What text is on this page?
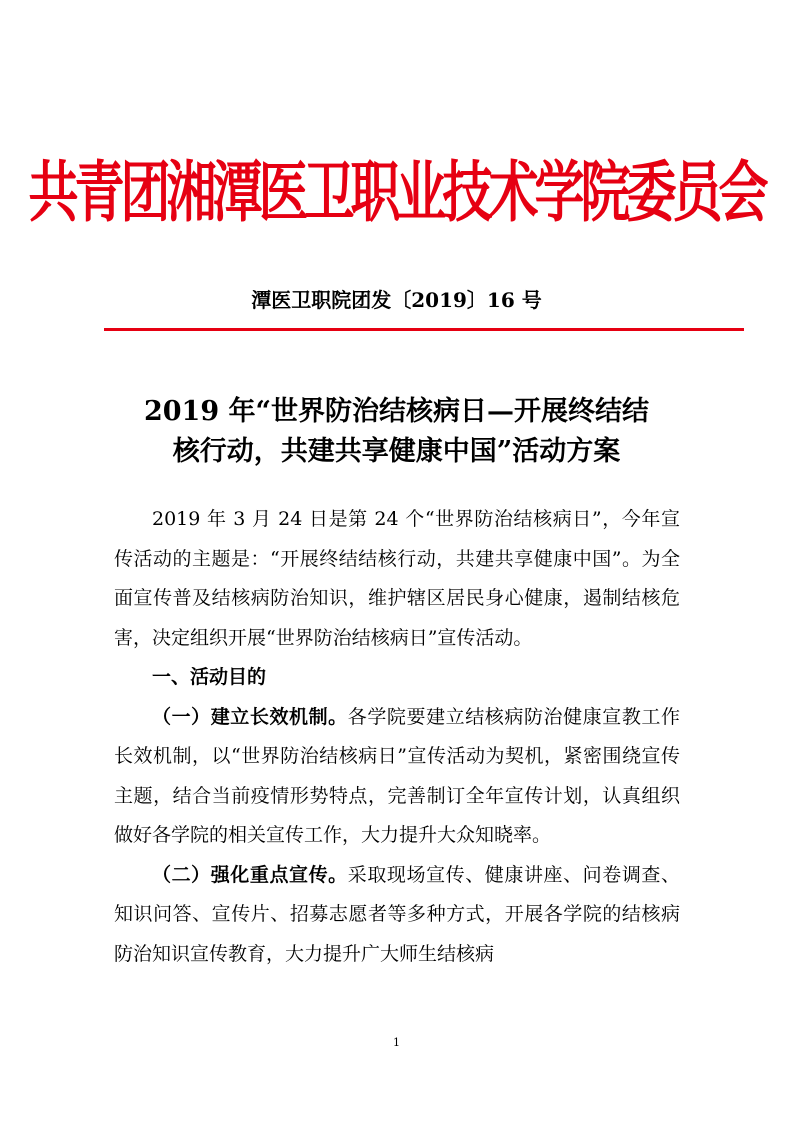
共青团湘潭医卫职业技术学院委员会
潭医卫职院团发〔2019〕16 号
2019 年“世界防治结核病日—开展终结结
核行动，共建共享健康中国”活动方案

2019 年 3 月 24 日是第 24 个“世界防治结核病日”，今年宣传活动的主题是：“开展终结结核行动，共建共享健康中国”。为全面宣传普及结核病防治知识，维护辖区居民身心健康，遏制结核危害，决定组织开展“世界防治结核病日”宣传活动。

一、活动目的

（一）建立长效机制。各学院要建立结核病防治健康宣教工作长效机制，以“世界防治结核病日”宣传活动为契机，紧密围绕宣传主题，结合当前疫情形势特点，完善制订全年宣传计划，认真组织做好各学院的相关宣传工作，大力提升大众知晓率。

（二）强化重点宣传。采取现场宣传、健康讲座、问卷调查、知识问答、宣传片、招募志愿者等多种方式，开展各学院的结核病防治知识宣传教育，大力提升广大师生结核病

1
